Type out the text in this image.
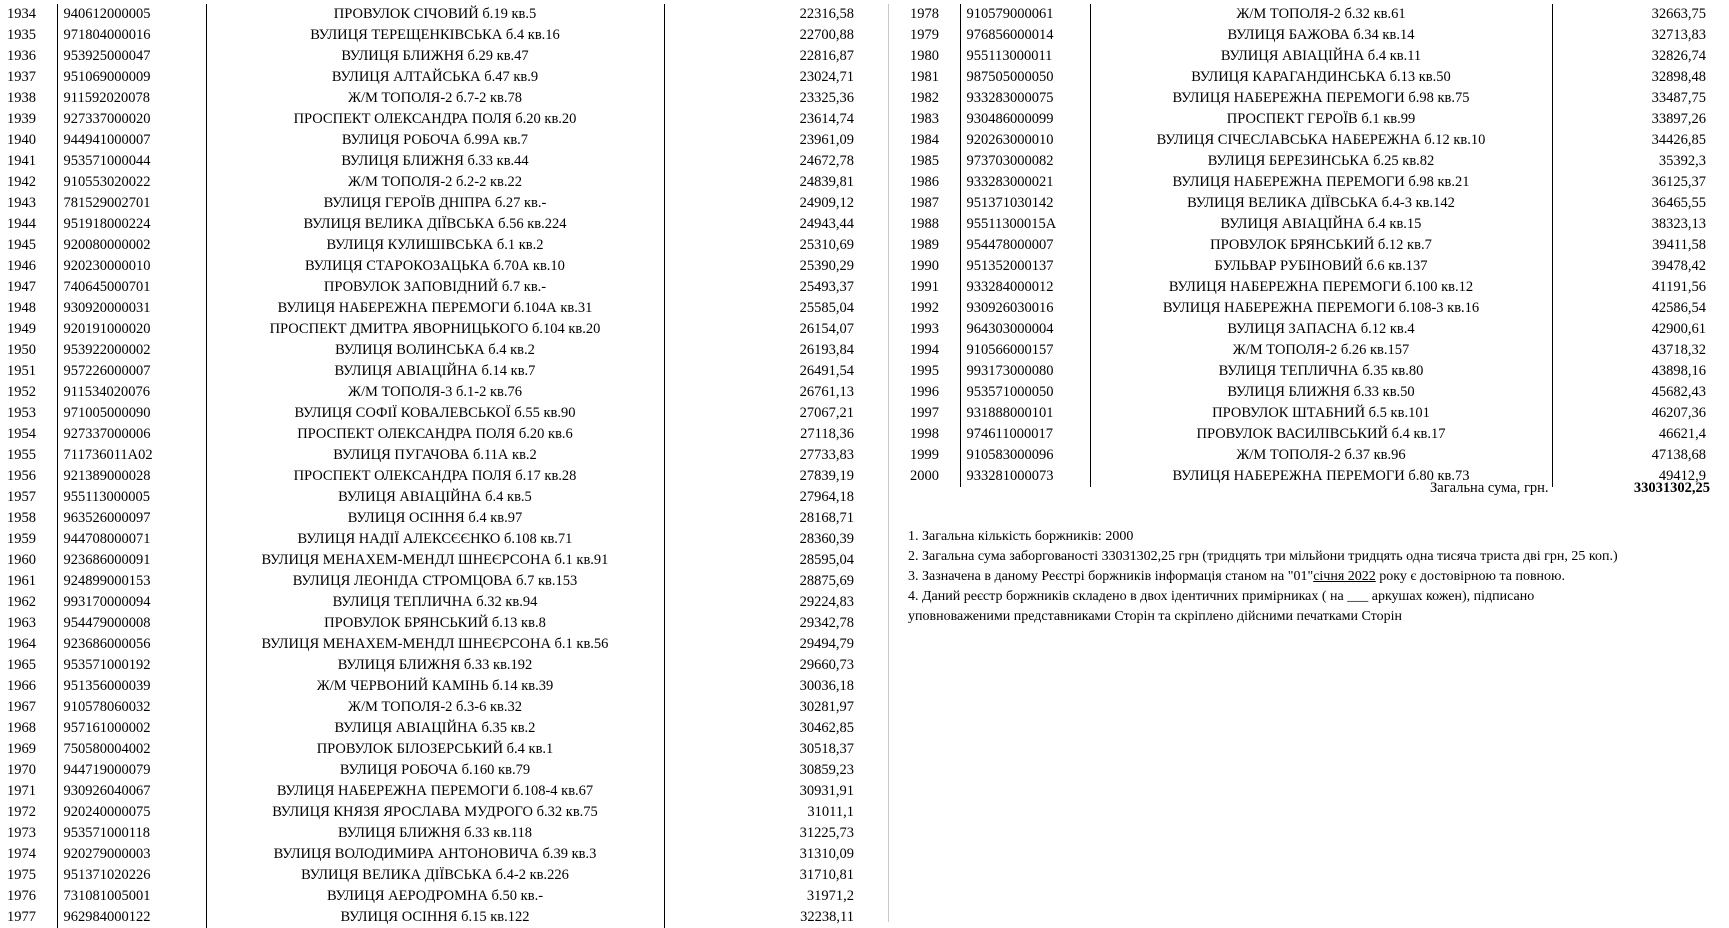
1934	940612000005	ПРОВУЛОК СІЧОВИЙ б.19 кв.5	22316,58
1935	971804000016	ВУЛИЦЯ ТЕРЕЩЕНКІВСЬКА б.4 кв.16	22700,88
1936	953925000047	ВУЛИЦЯ БЛИЖНЯ б.29 кв.47	22816,87
1937	951069000009	ВУЛИЦЯ АЛТАЙСЬКА б.47 кв.9	23024,71
1938	911592020078	Ж/М ТОПОЛЯ-2 б.7-2 кв.78	23325,36
1939	927337000020	ПРОСПЕКТ ОЛЕКСАНДРА ПОЛЯ б.20 кв.20	23614,74
1940	944941000007	ВУЛИЦЯ РОБОЧА б.99А кв.7	23961,09
1941	953571000044	ВУЛИЦЯ БЛИЖНЯ б.33 кв.44	24672,78
1942	910553020022	Ж/М ТОПОЛЯ-2 б.2-2 кв.22	24839,81
1943	781529002701	ВУЛИЦЯ ГЕРОЇВ ДНІПРА б.27 кв.-	24909,12
1944	951918000224	ВУЛИЦЯ ВЕЛИКА ДІЇВСЬКА б.56 кв.224	24943,44
1945	920080000002	ВУЛИЦЯ КУЛИШІВСЬКА б.1 кв.2	25310,69
1946	920230000010	ВУЛИЦЯ СТАРОКОЗАЦЬКА б.70А кв.10	25390,29
1947	740645000701	ПРОВУЛОК ЗАПОВІДНИЙ б.7 кв.-	25493,37
1948	930920000031	ВУЛИЦЯ НАБЕРЕЖНА ПЕРЕМОГИ б.104А кв.31	25585,04
1949	920191000020	ПРОСПЕКТ ДМИТРА ЯВОРНИЦЬКОГО б.104 кв.20	26154,07
1950	953922000002	ВУЛИЦЯ ВОЛИНСЬКА б.4 кв.2	26193,84
1951	957226000007	ВУЛИЦЯ АВІАЦІЙНА б.14 кв.7	26491,54
1952	911534020076	Ж/М ТОПОЛЯ-3 б.1-2 кв.76	26761,13
1953	971005000090	ВУЛИЦЯ СОФІЇ КОВАЛЕВСЬКОЇ б.55 кв.90	27067,21
1954	927337000006	ПРОСПЕКТ ОЛЕКСАНДРА ПОЛЯ б.20 кв.6	27118,36
1955	711736011А02	ВУЛИЦЯ ПУГАЧОВА б.11А кв.2	27733,83
1956	921389000028	ПРОСПЕКТ ОЛЕКСАНДРА ПОЛЯ б.17 кв.28	27839,19
1957	955113000005	ВУЛИЦЯ АВІАЦІЙНА б.4 кв.5	27964,18
1958	963526000097	ВУЛИЦЯ ОСІННЯ б.4 кв.97	28168,71
1959	944708000071	ВУЛИЦЯ НАДІЇ АЛЕКСЄЄНКО б.108 кв.71	28360,39
1960	923686000091	ВУЛИЦЯ МЕНАХЕМ-МЕНДЛ ШНЕЄРСОНА б.1 кв.91	28595,04
1961	924899000153	ВУЛИЦЯ ЛЕОНІДА СТРОМЦОВА б.7 кв.153	28875,69
1962	993170000094	ВУЛИЦЯ ТЕПЛИЧНА б.32 кв.94	29224,83
1963	954479000008	ПРОВУЛОК БРЯНСЬКИЙ б.13 кв.8	29342,78
1964	923686000056	ВУЛИЦЯ МЕНАХЕМ-МЕНДЛ ШНЕЄРСОНА б.1 кв.56	29494,79
1965	953571000192	ВУЛИЦЯ БЛИЖНЯ б.33 кв.192	29660,73
1966	951356000039	Ж/М ЧЕРВОНИЙ КАМІНЬ б.14 кв.39	30036,18
1967	910578060032	Ж/М ТОПОЛЯ-2 б.3-6 кв.32	30281,97
1968	957161000002	ВУЛИЦЯ АВІАЦІЙНА б.35 кв.2	30462,85
1969	750580004002	ПРОВУЛОК БІЛОЗЕРСЬКИЙ б.4 кв.1	30518,37
1970	944719000079	ВУЛИЦЯ РОБОЧА б.160 кв.79	30859,23
1971	930926040067	ВУЛИЦЯ НАБЕРЕЖНА ПЕРЕМОГИ б.108-4 кв.67	30931,91
1972	920240000075	ВУЛИЦЯ КНЯЗЯ ЯРОСЛАВА МУДРОГО б.32 кв.75	31011,1
1973	953571000118	ВУЛИЦЯ БЛИЖНЯ б.33 кв.118	31225,73
1974	920279000003	ВУЛИЦЯ ВОЛОДИМИРА АНТОНОВИЧА б.39 кв.3	31310,09
1975	951371020226	ВУЛИЦЯ ВЕЛИКА ДІЇВСЬКА б.4-2 кв.226	31710,81
1976	731081005001	ВУЛИЦЯ АЕРОДРОМНА б.50 кв.-	31971,2
1977	962984000122	ВУЛИЦЯ ОСІННЯ б.15 кв.122	32238,11
1978	910579000061	Ж/М ТОПОЛЯ-2 б.32 кв.61	32663,75
1979	976856000014	ВУЛИЦЯ БАЖОВА б.34 кв.14	32713,83
1980	955113000011	ВУЛИЦЯ АВІАЦІЙНА б.4 кв.11	32826,74
1981	987505000050	ВУЛИЦЯ КАРАГАНДИНСЬКА б.13 кв.50	32898,48
1982	933283000075	ВУЛИЦЯ НАБЕРЕЖНА ПЕРЕМОГИ б.98 кв.75	33487,75
1983	930486000099	ПРОСПЕКТ ГЕРОЇВ б.1 кв.99	33897,26
1984	920263000010	ВУЛИЦЯ СІЧЕСЛАВСЬКА НАБЕРЕЖНА б.12 кв.10	34426,85
1985	973703000082	ВУЛИЦЯ БЕРЕЗИНСЬКА б.25 кв.82	35392,3
1986	933283000021	ВУЛИЦЯ НАБЕРЕЖНА ПЕРЕМОГИ б.98 кв.21	36125,37
1987	951371030142	ВУЛИЦЯ ВЕЛИКА ДІЇВСЬКА б.4-3 кв.142	36465,55
1988	95511300015А	ВУЛИЦЯ АВІАЦІЙНА б.4 кв.15	38323,13
1989	954478000007	ПРОВУЛОК БРЯНСЬКИЙ б.12 кв.7	39411,58
1990	951352000137	БУЛЬВАР РУБІНОВИЙ б.6 кв.137	39478,42
1991	933284000012	ВУЛИЦЯ НАБЕРЕЖНА ПЕРЕМОГИ б.100 кв.12	41191,56
1992	930926030016	ВУЛИЦЯ НАБЕРЕЖНА ПЕРЕМОГИ б.108-3 кв.16	42586,54
1993	964303000004	ВУЛИЦЯ ЗАПАСНА б.12 кв.4	42900,61
1994	910566000157	Ж/М ТОПОЛЯ-2 б.26 кв.157	43718,32
1995	993173000080	ВУЛИЦЯ ТЕПЛИЧНА б.35 кв.80	43898,16
1996	953571000050	ВУЛИЦЯ БЛИЖНЯ б.33 кв.50	45682,43
1997	931888000101	ПРОВУЛОК ШТАБНИЙ б.5 кв.101	46207,36
1998	974611000017	ПРОВУЛОК ВАСИЛІВСЬКИЙ б.4 кв.17	46621,4
1999	910583000096	Ж/М ТОПОЛЯ-2 б.37 кв.96	47138,68
2000	933281000073	ВУЛИЦЯ НАБЕРЕЖНА ПЕРЕМОГИ б.80 кв.73	49412,9
Загальна сума, грн.	33031302,25

1. Загальна кількість боржників: 2000

2. Загальна сума заборгованості 33031302,25 грн (тридцять три мільйони тридцять одна тисяча триста дві грн, 25 коп.)

3. Зазначена в даному Реєстрі боржників інформація станом на "01"січня 2022 року є достовірною та повною.

4. Даний реєстр боржників складено в двох ідентичних примірниках ( на ___ аркушах кожен), підписано
уповноваженими представниками Сторін та скріплено дійсними печатками Сторін
